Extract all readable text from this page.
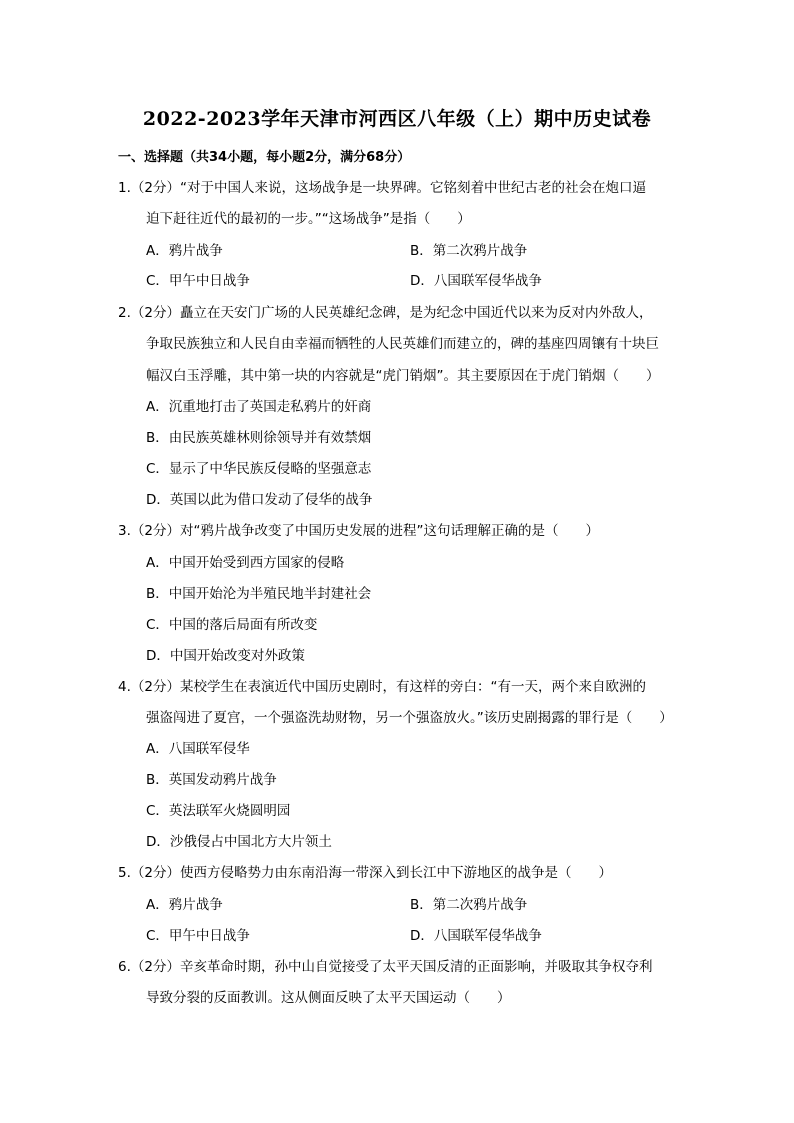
2022-2023学年天津市河西区八年级（上）期中历史试卷
一、选择题（共34小题，每小题2分，满分68分）
1.（2分）“对于中国人来说，这场战争是一块界碑。它铭刻着中世纪古老的社会在炮口逼
迫下赶往近代的最初的一步。”“这场战争”是指（　　）
A．鸦片战争	B．第二次鸦片战争
C．甲午中日战争	D．八国联军侵华战争
2.（2分）矗立在天安门广场的人民英雄纪念碑，是为纪念中国近代以来为反对内外敌人，
争取民族独立和人民自由幸福而牺牲的人民英雄们而建立的，碑的基座四周镶有十块巨
幅汉白玉浮雕，其中第一块的内容就是“虎门销烟”。其主要原因在于虎门销烟（　　）
A．沉重地打击了英国走私鸦片的奸商
B．由民族英雄林则徐领导并有效禁烟
C．显示了中华民族反侵略的坚强意志
D．英国以此为借口发动了侵华的战争
3.（2分）对“鸦片战争改变了中国历史发展的进程”这句话理解正确的是（　　）
A．中国开始受到西方国家的侵略
B．中国开始沦为半殖民地半封建社会
C．中国的落后局面有所改变
D．中国开始改变对外政策
4.（2分）某校学生在表演近代中国历史剧时，有这样的旁白：“有一天，两个来自欧洲的
强盗闯进了夏宫，一个强盗洗劫财物，另一个强盗放火。”该历史剧揭露的罪行是（　　）
A．八国联军侵华
B．英国发动鸦片战争
C．英法联军火烧圆明园
D．沙俄侵占中国北方大片领土
5.（2分）使西方侵略势力由东南沿海一带深入到长江中下游地区的战争是（　　）
A．鸦片战争	B．第二次鸦片战争
C．甲午中日战争	D．八国联军侵华战争
6.（2分）辛亥革命时期，孙中山自觉接受了太平天国反清的正面影响，并吸取其争权夺利
导致分裂的反面教训。这从侧面反映了太平天国运动（　　）
